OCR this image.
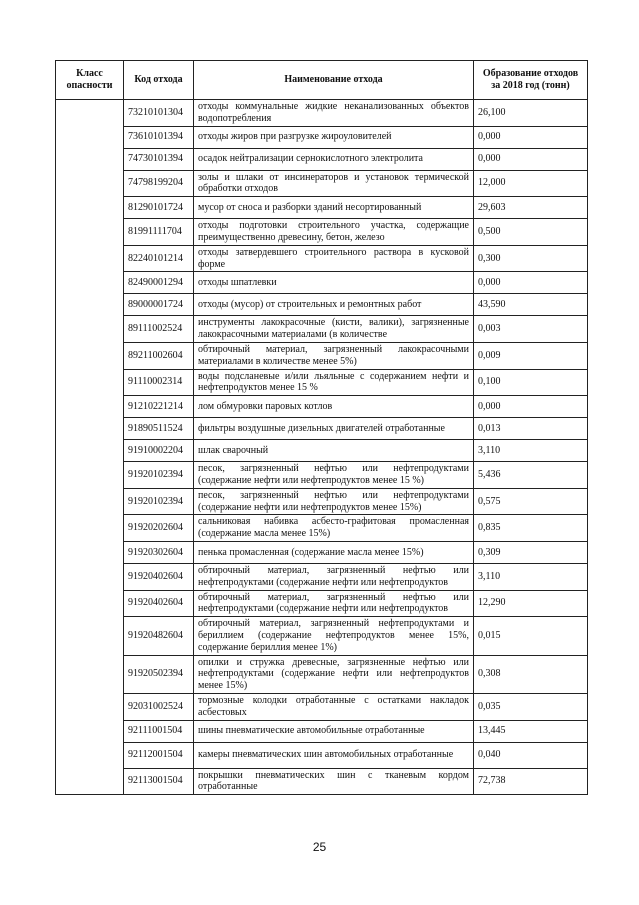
Класс опасности	Код отхода	Наименование отхода	Образование отходов за 2018 год (тонн)
	73210101304	отходы коммунальные жидкие неканализованных объектов водопотребления	26,100
	73610101394	отходы жиров при разгрузке жироуловителей	0,000
	74730101394	осадок нейтрализации сернокислотного электролита	0,000
	74798199204	золы и шлаки от инсинераторов и установок термической обработки отходов	12,000
	81290101724	мусор от сноса и разборки зданий несортированный	29,603
	81991111704	отходы подготовки строительного участка, содержащие преимущественно древесину, бетон, железо	0,500
	82240101214	отходы затвердевшего строительного раствора в кусковой форме	0,300
	82490001294	отходы шпатлевки	0,000
	89000001724	отходы (мусор) от строительных и ремонтных работ	43,590
	89111002524	инструменты лакокрасочные (кисти, валики), загрязненные лакокрасочными материалами (в количестве	0,003
	89211002604	обтирочный материал, загрязненный лакокрасочными материалами в количестве менее 5%)	0,009
	91110002314	воды подсланевые и/или льяльные с содержанием нефти и нефтепродуктов менее 15 %	0,100
	91210221214	лом обмуровки паровых котлов	0,000
	91890511524	фильтры воздушные дизельных двигателей отработанные	0,013
	91910002204	шлак сварочный	3,110
	91920102394	песок, загрязненный нефтью или нефтепродуктами (содержание нефти или нефтепродуктов менее 15 %)	5,436
	91920102394	песок, загрязненный нефтью или нефтепродуктами (содержание нефти или нефтепродуктов менее 15%)	0,575
	91920202604	сальниковая набивка асбесто-графитовая промасленная (содержание масла менее 15%)	0,835
	91920302604	пенька промасленная (содержание масла менее 15%)	0,309
	91920402604	обтирочный материал, загрязненный нефтью или нефтепродуктами (содержание нефти или нефтепродуктов	3,110
	91920402604	обтирочный материал, загрязненный нефтью или нефтепродуктами (содержание нефти или нефтепродуктов	12,290
	91920482604	обтирочный материал, загрязненный нефтепродуктами и бериллием (содержание нефтепродуктов менее 15%, содержание бериллия менее 1%)	0,015
	91920502394	опилки и стружка древесные, загрязненные нефтью или нефтепродуктами (содержание нефти или нефтепродуктов менее 15%)	0,308
	92031002524	тормозные колодки отработанные с остатками накладок асбестовых	0,035
	92111001504	шины пневматические автомобильные отработанные	13,445
	92112001504	камеры пневматических шин автомобильных отработанные	0,040
	92113001504	покрышки пневматических шин с тканевым кордом отработанные	72,738
25
